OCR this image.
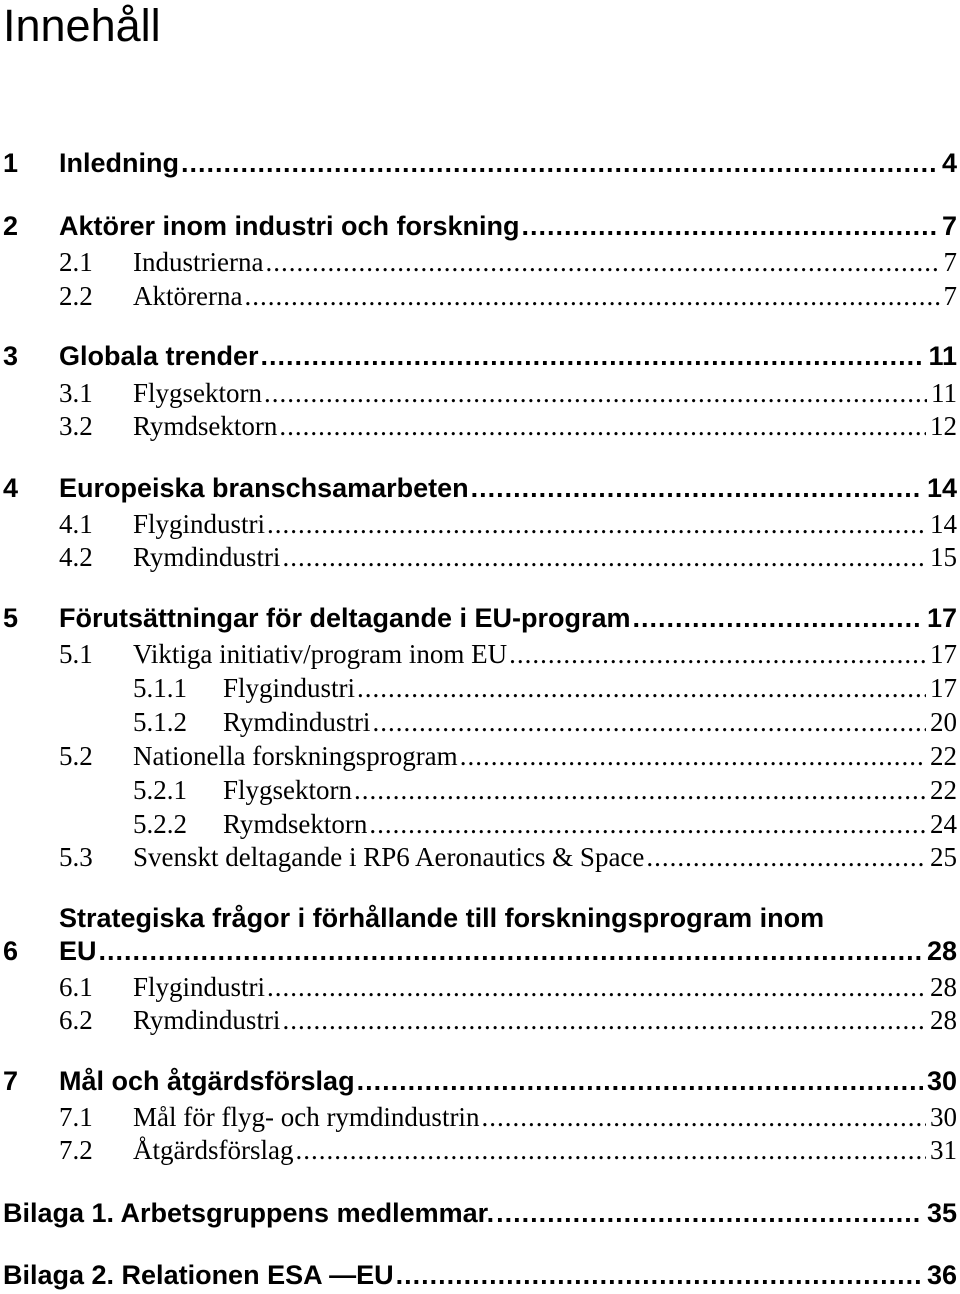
Innehåll
1	Inledning .....	4
2	Aktörer inom industri och forskning .....	7
2.1	Industrierna .....	7
2.2	Aktörerna .....	7
3	Globala trender .....	11
3.1	Flygsektorn .....	11
3.2	Rymdsektorn .....	12
4	Europeiska branschsamarbeten .....	14
4.1	Flygindustri .....	14
4.2	Rymdindustri .....	15
5	Förutsättningar för deltagande i EU-program .....	17
5.1	Viktiga initiativ/program inom EU .....	17
5.1.1	Flygindustri .....	17
5.1.2	Rymdindustri .....	20
5.2	Nationella forskningsprogram .....	22
5.2.1	Flygsektorn .....	22
5.2.2	Rymdsektorn .....	24
5.3	Svenskt deltagande i RP6 Aeronautics & Space .....	25
Strategiska frågor i förhållande till forskningsprogram inom
6	EU .....	28
6.1	Flygindustri .....	28
6.2	Rymdindustri .....	28
7	Mål och åtgärdsförslag .....	30
7.1	Mål för flyg- och rymdindustrin .....	30
7.2	Åtgärdsförslag .....	31
Bilaga 1. Arbetsgruppens medlemmar. .....	35
Bilaga 2. Relationen ESA —EU .....	36
